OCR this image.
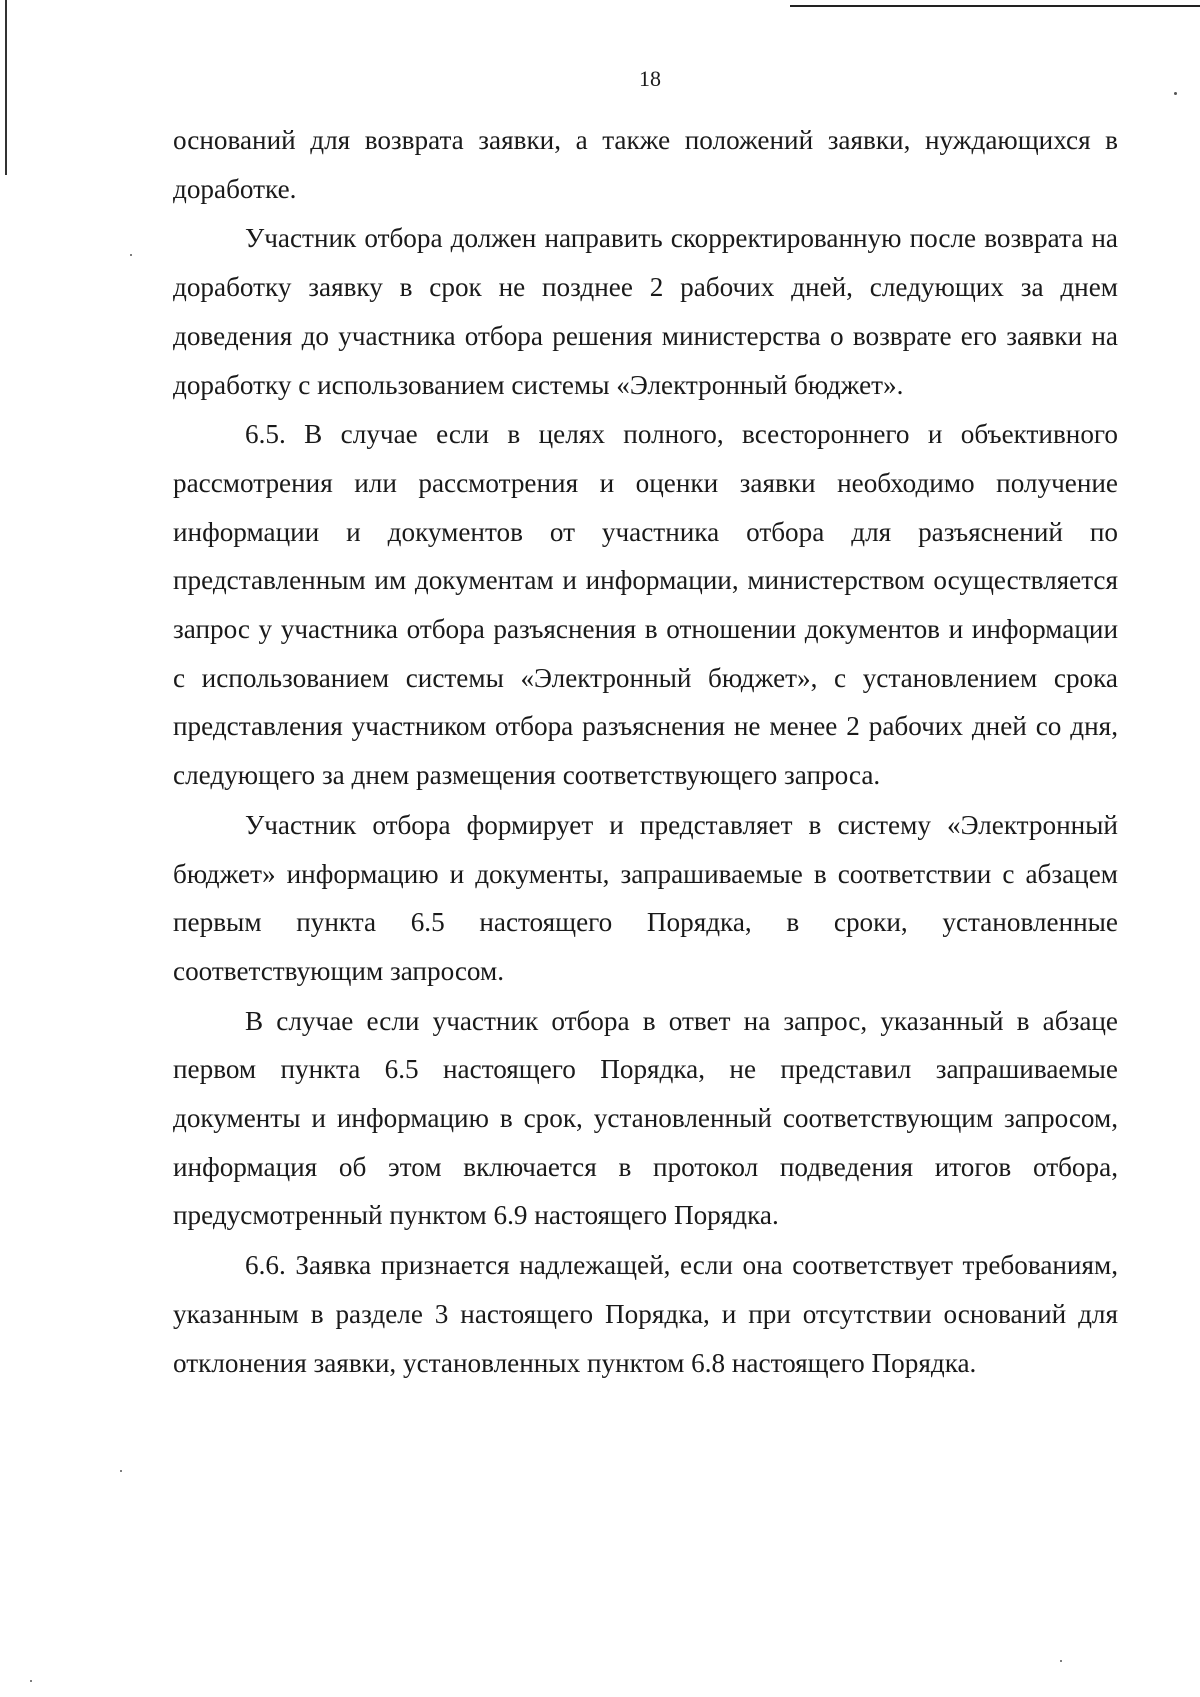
18

оснований для возврата заявки, а также положений заявки, нуждающихся в доработке.

Участник отбора должен направить скорректированную после возврата на доработку заявку в срок не позднее 2 рабочих дней, следующих за днем доведения до участника отбора решения министерства о возврате его заявки на доработку с использованием системы «Электронный бюджет».

6.5. В случае если в целях полного, всестороннего и объективного рассмотрения или рассмотрения и оценки заявки необходимо получение информации и документов от участника отбора для разъяснений по представленным им документам и информации, министерством осуществляется запрос у участника отбора разъяснения в отношении документов и информации с использованием системы «Электронный бюджет», с установлением срока представления участником отбора разъяснения не менее 2 рабочих дней со дня, следующего за днем размещения соответствующего запроса.

Участник отбора формирует и представляет в систему «Электронный бюджет» информацию и документы, запрашиваемые в соответствии с абзацем первым пункта 6.5 настоящего Порядка, в сроки, установленные соответствующим запросом.

В случае если участник отбора в ответ на запрос, указанный в абзаце первом пункта 6.5 настоящего Порядка, не представил запрашиваемые документы и информацию в срок, установленный соответствующим запросом, информация об этом включается в протокол подведения итогов отбора, предусмотренный пунктом 6.9 настоящего Порядка.

6.6. Заявка признается надлежащей, если она соответствует требованиям, указанным в разделе 3 настоящего Порядка, и при отсутствии оснований для отклонения заявки, установленных пунктом 6.8 настоящего Порядка.
